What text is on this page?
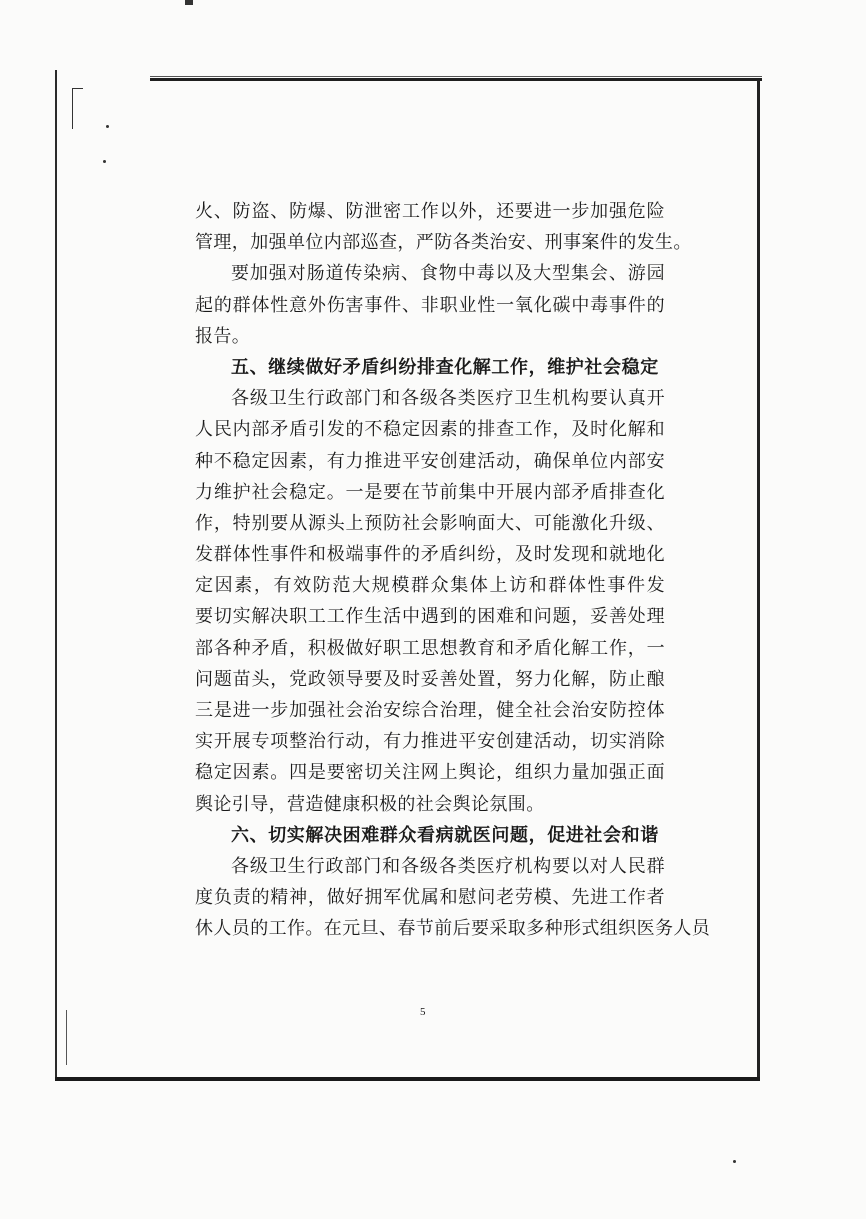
火、防盗、防爆、防泄密工作以外，还要进一步加强危险
管理，加强单位内部巡查，严防各类治安、刑事案件的发生。
要加强对肠道传染病、食物中毒以及大型集会、游园
起的群体性意外伤害事件、非职业性一氧化碳中毒事件的
报告。
五、继续做好矛盾纠纷排查化解工作，维护社会稳定
各级卫生行政部门和各级各类医疗卫生机构要认真开
人民内部矛盾引发的不稳定因素的排查工作，及时化解和
种不稳定因素，有力推进平安创建活动，确保单位内部安
力维护社会稳定。一是要在节前集中开展内部矛盾排查化
作，特别要从源头上预防社会影响面大、可能激化升级、
发群体性事件和极端事件的矛盾纠纷，及时发现和就地化
定因素，有效防范大规模群众集体上访和群体性事件发
要切实解决职工工作生活中遇到的困难和问题，妥善处理
部各种矛盾，积极做好职工思想教育和矛盾化解工作，一
问题苗头，党政领导要及时妥善处置，努力化解，防止酿
三是进一步加强社会治安综合治理，健全社会治安防控体
实开展专项整治行动，有力推进平安创建活动，切实消除
稳定因素。四是要密切关注网上舆论，组织力量加强正面
舆论引导，营造健康积极的社会舆论氛围。
六、切实解决困难群众看病就医问题，促进社会和谐
各级卫生行政部门和各级各类医疗机构要以对人民群
度负责的精神，做好拥军优属和慰问老劳模、先进工作者
休人员的工作。在元旦、春节前后要采取多种形式组织医务人员
5
